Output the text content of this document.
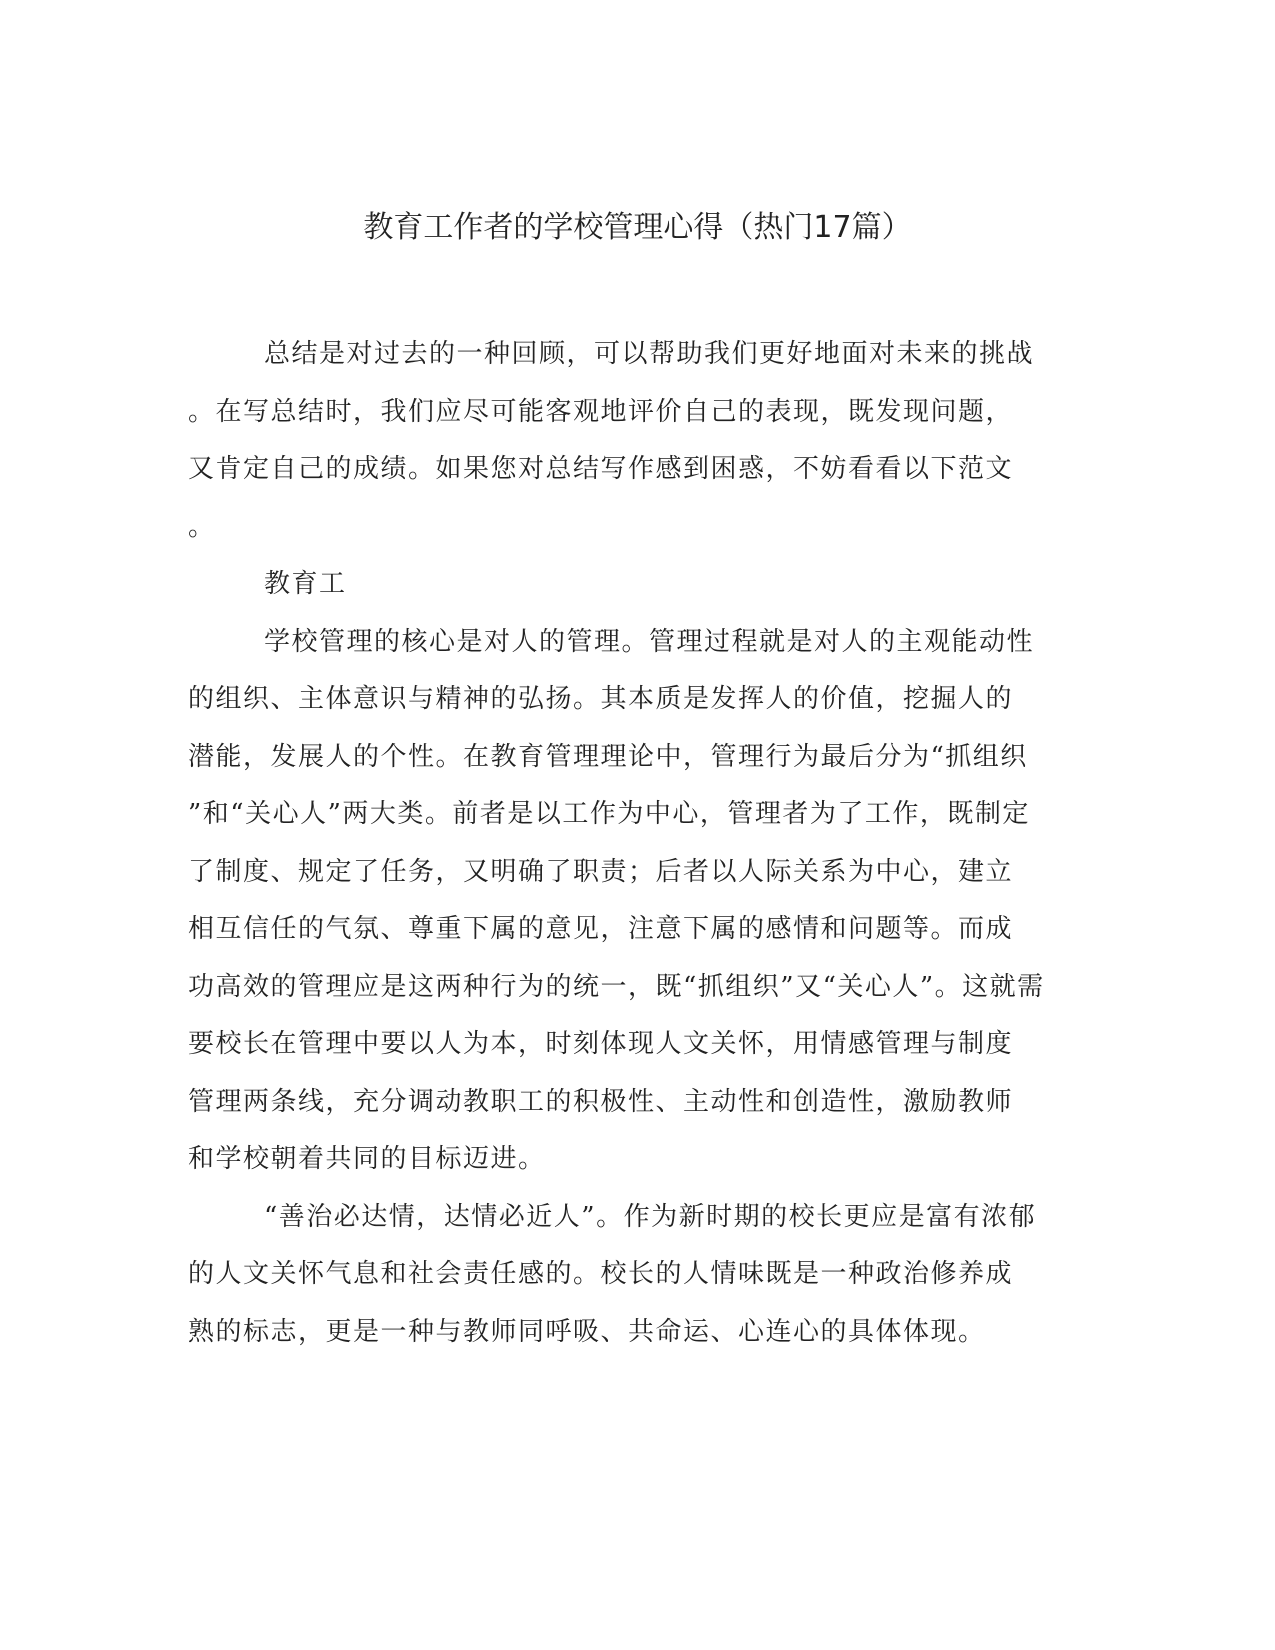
教育工作者的学校管理心得（热门17篇）
总结是对过去的一种回顾，可以帮助我们更好地面对未来的挑战
。在写总结时，我们应尽可能客观地评价自己的表现，既发现问题，
又肯定自己的成绩。如果您对总结写作感到困惑，不妨看看以下范文
。
教育工
学校管理的核心是对人的管理。管理过程就是对人的主观能动性
的组织、主体意识与精神的弘扬。其本质是发挥人的价值，挖掘人的
潜能，发展人的个性。在教育管理理论中，管理行为最后分为“抓组织
”和“关心人”两大类。前者是以工作为中心，管理者为了工作，既制定
了制度、规定了任务，又明确了职责；后者以人际关系为中心，建立
相互信任的气氛、尊重下属的意见，注意下属的感情和问题等。而成
功高效的管理应是这两种行为的统一，既“抓组织”又“关心人”。这就需
要校长在管理中要以人为本，时刻体现人文关怀，用情感管理与制度
管理两条线，充分调动教职工的积极性、主动性和创造性，激励教师
和学校朝着共同的目标迈进。
“善治必达情，达情必近人”。作为新时期的校长更应是富有浓郁
的人文关怀气息和社会责任感的。校长的人情味既是一种政治修养成
熟的标志，更是一种与教师同呼吸、共命运、心连心的具体体现。
